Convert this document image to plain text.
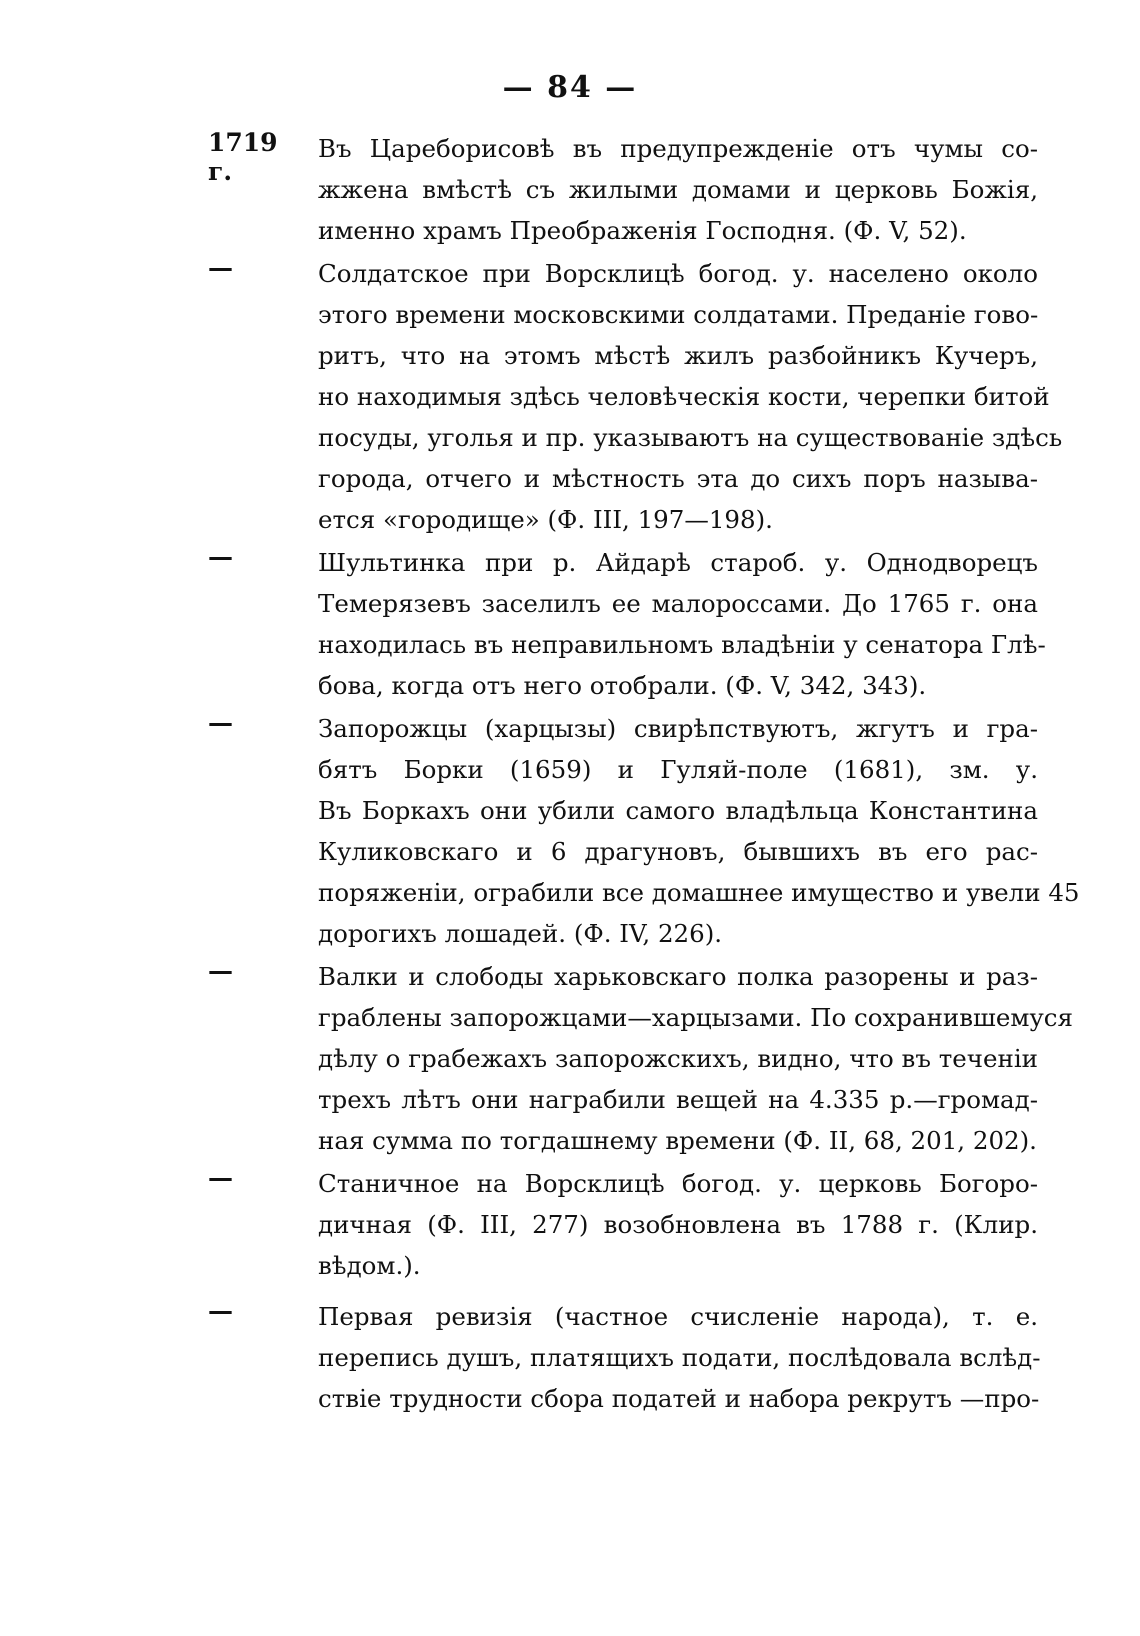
— 84 —
1719 г.
Въ Царебориcовѣ въ предупрежденіе отъ чумы со-
жжена вмѣстѣ съ жилыми домами и церковь Божія,
именно храмъ Преображенія Господня. (Ф. V, 52).
—	Солдатское при Ворсклицѣ богод. у. населено около
этого времени московскими солдатами. Преданіе гово-
ритъ, что на этомъ мѣстѣ жилъ разбойникъ Кучеръ,
но находимыя здѣсь человѣческія кости, черепки битой
посуды, уголья и пр. указываютъ на существованіе здѣсь
города, отчего и мѣстность эта до сихъ поръ называ-
ется «городище» (Ф. III, 197—198).
—	Шультинка при р. Айдарѣ староб. у. Однодворецъ
Темерязевъ заселилъ ее малороссами. До 1765 г. она
находилась въ неправильномъ владѣніи у сенатора Глѣ-
бова, когда отъ него отобрали. (Ф. V, 342, 343).
—	Запорожцы (харцызы) свирѣпствуютъ, жгутъ и гра-
бятъ Борки (1659) и Гуляй-поле (1681), зм. у.
Въ Боркахъ они убили самого владѣльца Константина
Куликовскаго и 6 драгуновъ, бывшихъ въ его рас-
поряженіи, ограбили все домашнее имущество и увели 45
дорогихъ лошадей. (Ф. IV, 226).
—	Валки и слободы харьковскаго полка разорены и раз-
граблены запорожцами—харцызами. По сохранившемуся
дѣлу о грабежахъ запорожскихъ, видно, что въ теченіи
трехъ лѣтъ они награбили вещей на 4.335 р.—громад-
ная сумма по тогдашнему времени (Ф. II, 68, 201, 202).
—	Станичное на Ворсклицѣ богод. у. церковь Богоро-
дичная (Ф. III, 277) возобновлена въ 1788 г. (Клир.
вѣдом.).
—	Первая ревизія (частное счисленіе народа), т. е.
перепись душъ, платящихъ подати, послѣдовала вслѣд-
ствіе трудности сбора податей и набора рекрутъ —про-
